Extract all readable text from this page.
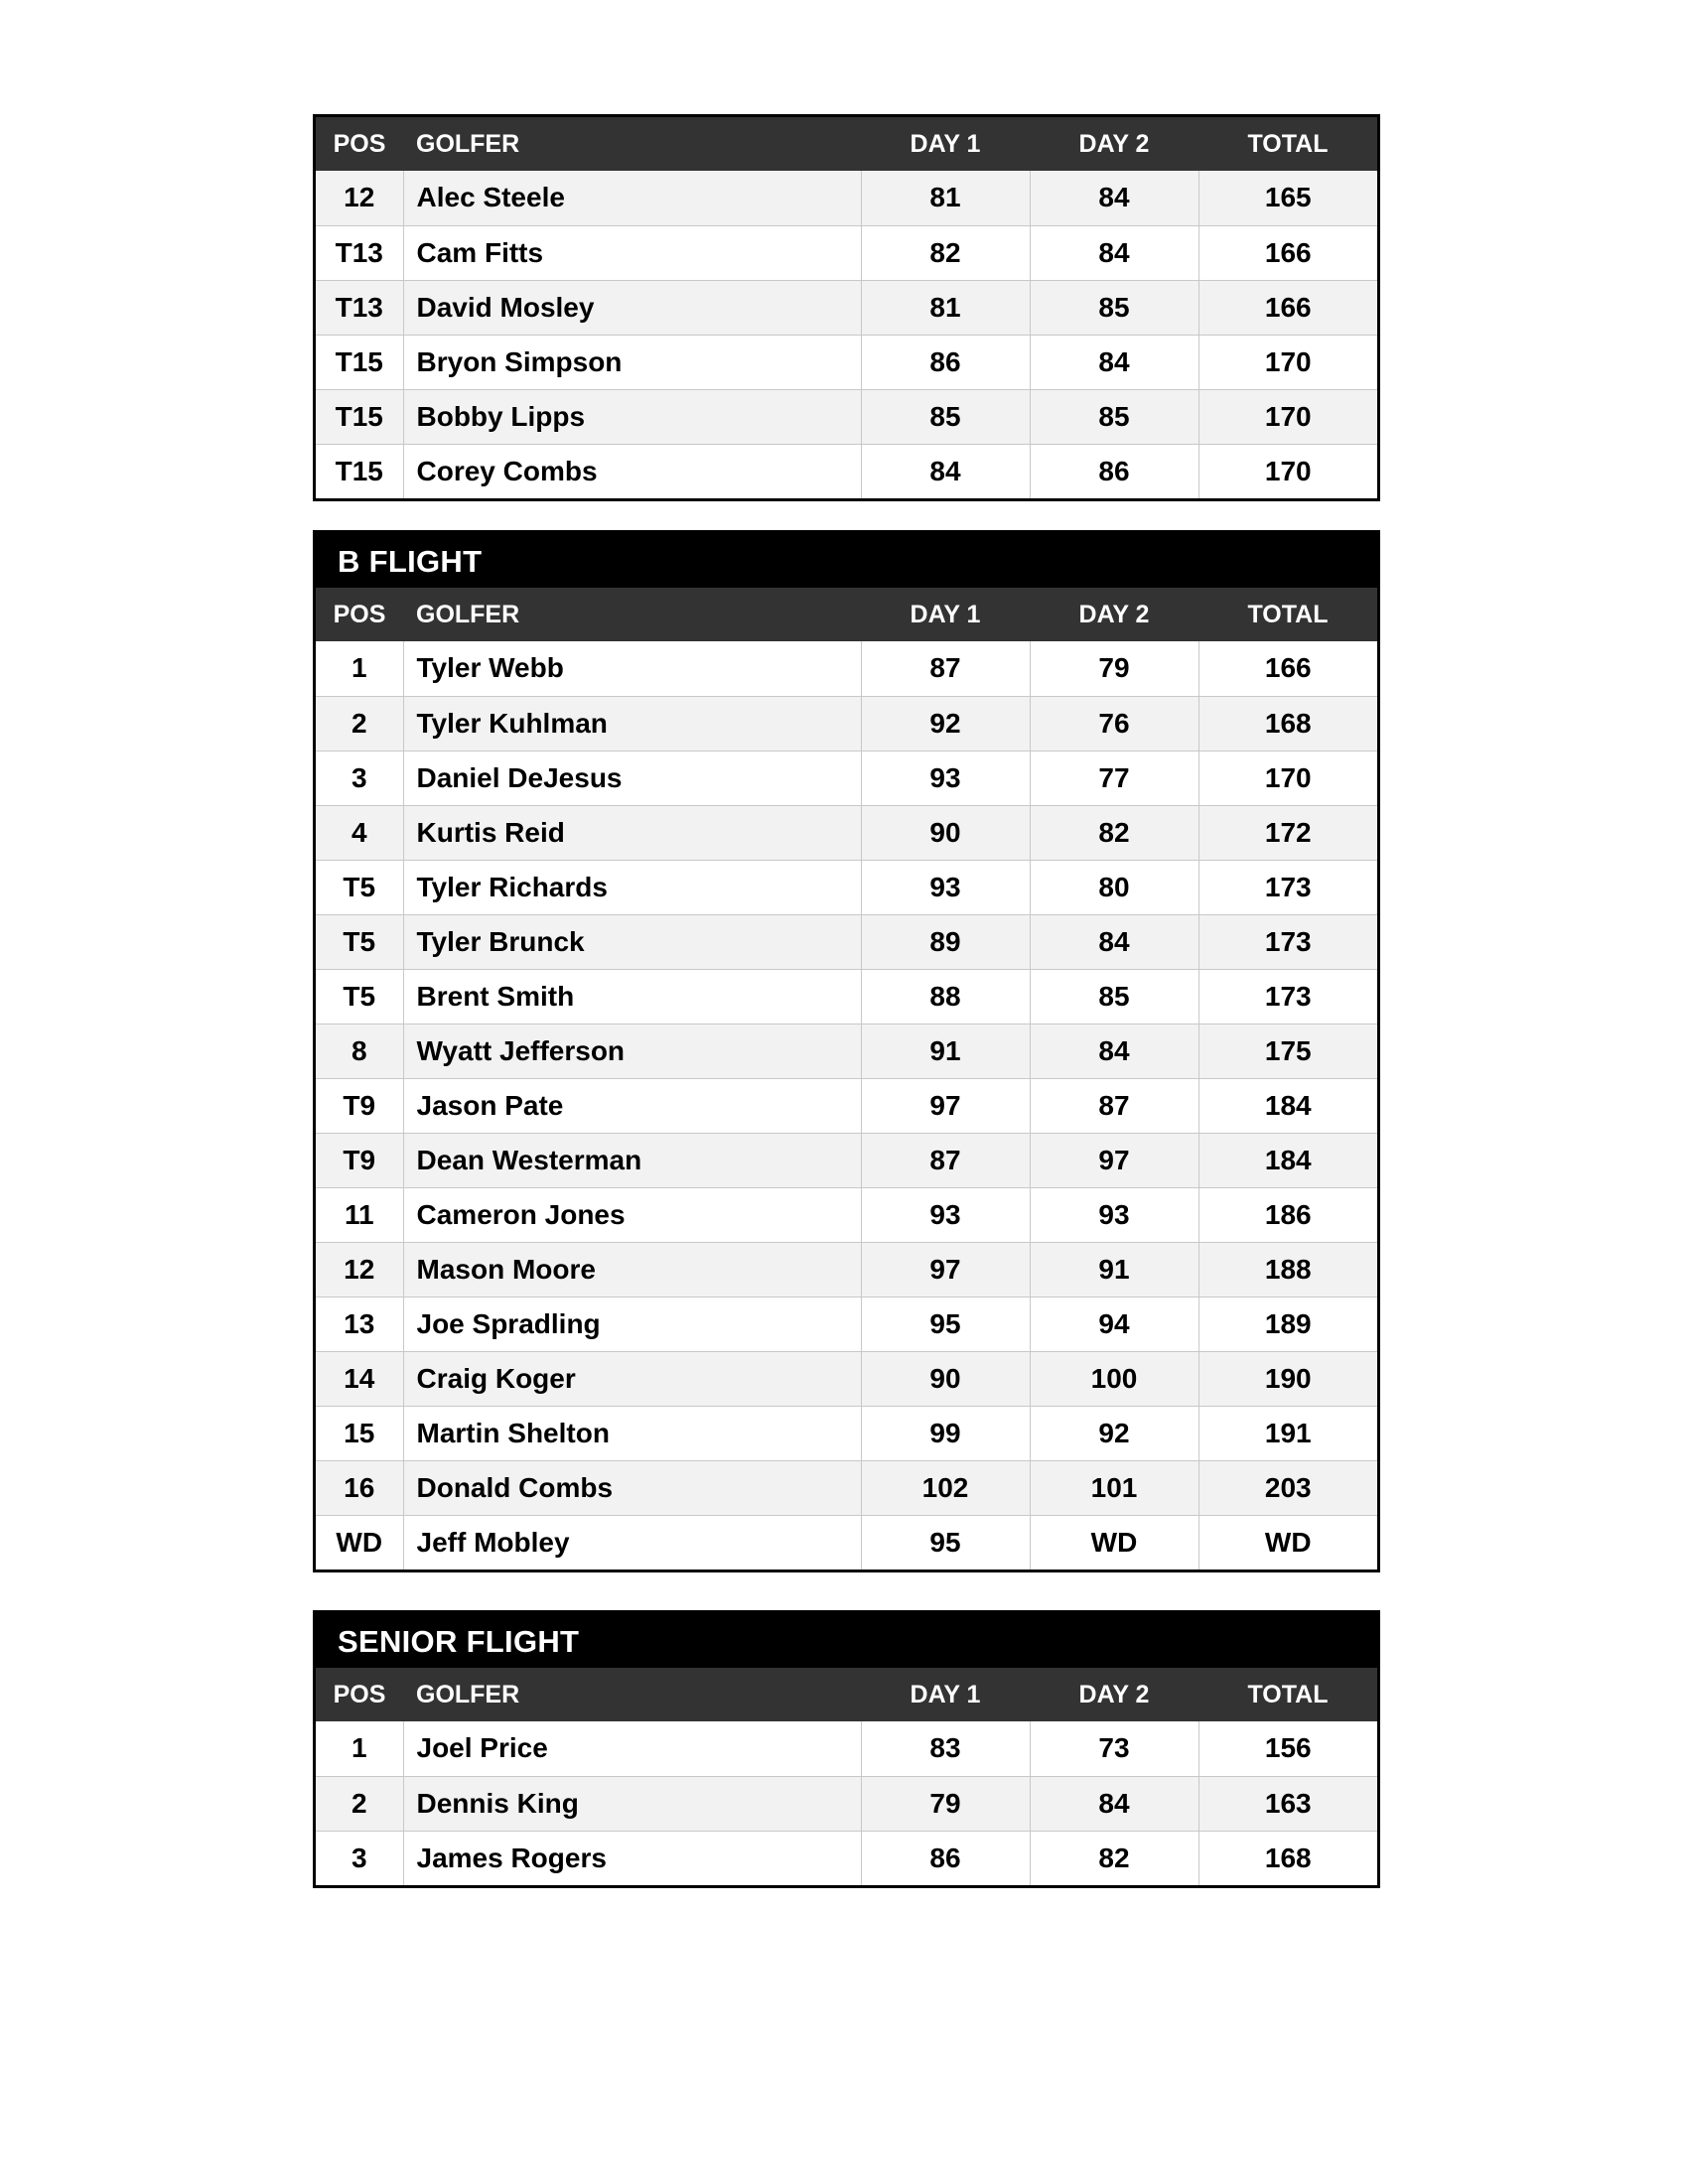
POS	GOLFER	DAY 1	DAY 2	TOTAL
12	Alec Steele	81	84	165
T13	Cam Fitts	82	84	166
T13	David Mosley	81	85	166
T15	Bryon Simpson	86	84	170
T15	Bobby Lipps	85	85	170
T15	Corey Combs	84	86	170
B FLIGHT
POS	GOLFER	DAY 1	DAY 2	TOTAL
1	Tyler Webb	87	79	166
2	Tyler Kuhlman	92	76	168
3	Daniel DeJesus	93	77	170
4	Kurtis Reid	90	82	172
T5	Tyler Richards	93	80	173
T5	Tyler Brunck	89	84	173
T5	Brent Smith	88	85	173
8	Wyatt Jefferson	91	84	175
T9	Jason Pate	97	87	184
T9	Dean Westerman	87	97	184
11	Cameron Jones	93	93	186
12	Mason Moore	97	91	188
13	Joe Spradling	95	94	189
14	Craig Koger	90	100	190
15	Martin Shelton	99	92	191
16	Donald Combs	102	101	203
WD	Jeff Mobley	95	WD	WD
SENIOR FLIGHT
POS	GOLFER	DAY 1	DAY 2	TOTAL
1	Joel Price	83	73	156
2	Dennis King	79	84	163
3	James Rogers	86	82	168
